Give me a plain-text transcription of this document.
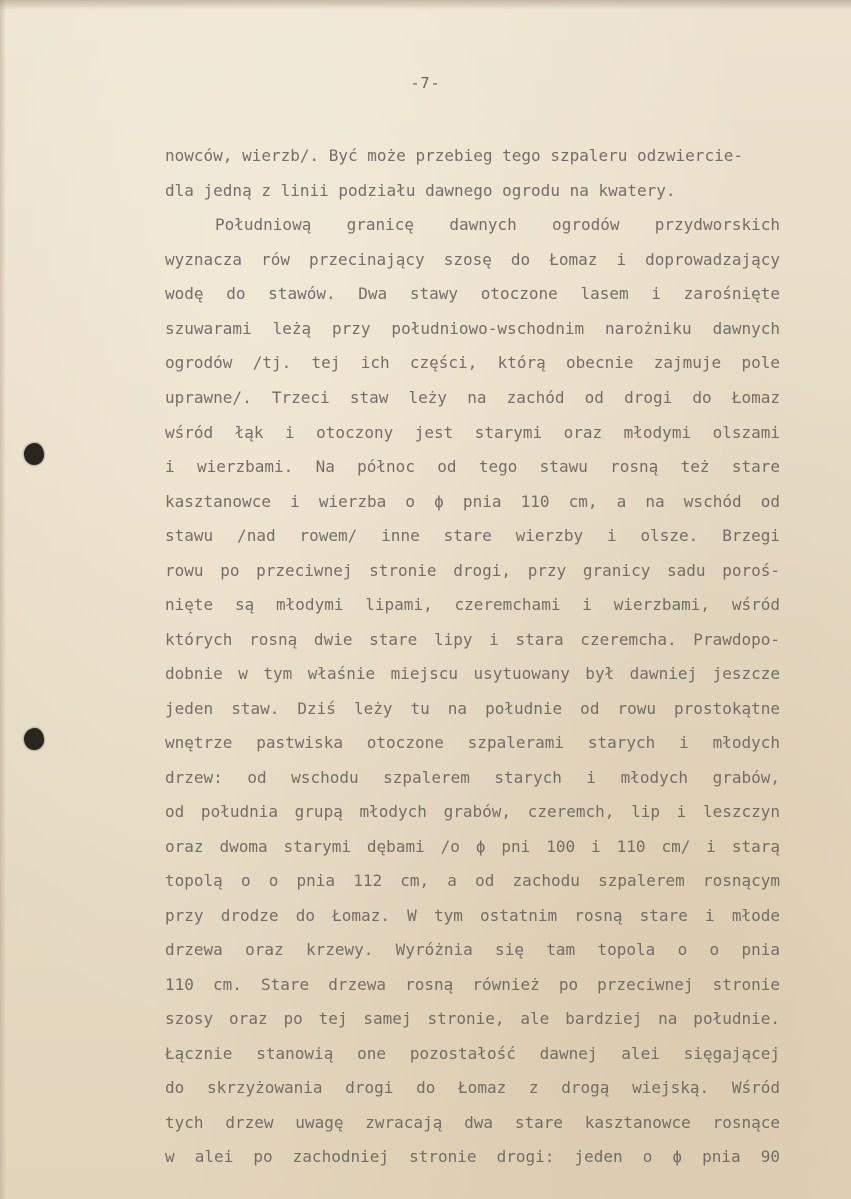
-7-
nowców, wierzb/. Być może przebieg tego szpaleru odzwiercie-
dla jedną z linii podziału dawnego ogrodu na kwatery.
Południową granicę dawnych ogrodów przydworskich
wyznacza rów przecinający szosę do Łomaz i doprowadzający
wodę do stawów. Dwa stawy otoczone lasem i zarośnięte
szuwarami leżą przy południowo-wschodnim narożniku dawnych
ogrodów /tj. tej ich części, którą obecnie zajmuje pole
uprawne/. Trzeci staw leży na zachód od drogi do Łomaz
wśród łąk i otoczony jest starymi oraz młodymi olszami
i wierzbami. Na północ od tego stawu rosną też stare
kasztanowce i wierzba o ϕ pnia 110 cm, a na wschód od
stawu /nad rowem/ inne stare wierzby i olsze. Brzegi
rowu po przeciwnej stronie drogi, przy granicy sadu poroś-
nięte są młodymi lipami, czeremchami i wierzbami, wśród
których rosną dwie stare lipy i stara czeremcha. Prawdopo-
dobnie w tym właśnie miejscu usytuowany był dawniej jeszcze
jeden staw. Dziś leży tu na południe od rowu prostokątne
wnętrze pastwiska otoczone szpalerami starych i młodych
drzew: od wschodu szpalerem starych i młodych grabów,
od południa grupą młodych grabów, czeremch, lip i leszczyn
oraz dwoma starymi dębami /o ϕ pni 100 i 110 cm/ i starą
topolą o o pnia 112 cm, a od zachodu szpalerem rosnącym
przy drodze do Łomaz. W tym ostatnim rosną stare i młode
drzewa oraz krzewy. Wyróżnia się tam topola o o pnia
110 cm. Stare drzewa rosną również po przeciwnej stronie
szosy oraz po tej samej stronie, ale bardziej na południe.
Łącznie stanowią one pozostałość dawnej alei sięgającej
do skrzyżowania drogi do Łomaz z drogą wiejską. Wśród
tych drzew uwagę zwracają dwa stare kasztanowce rosnące
w alei po zachodniej stronie drogi: jeden o ϕ pnia 90
